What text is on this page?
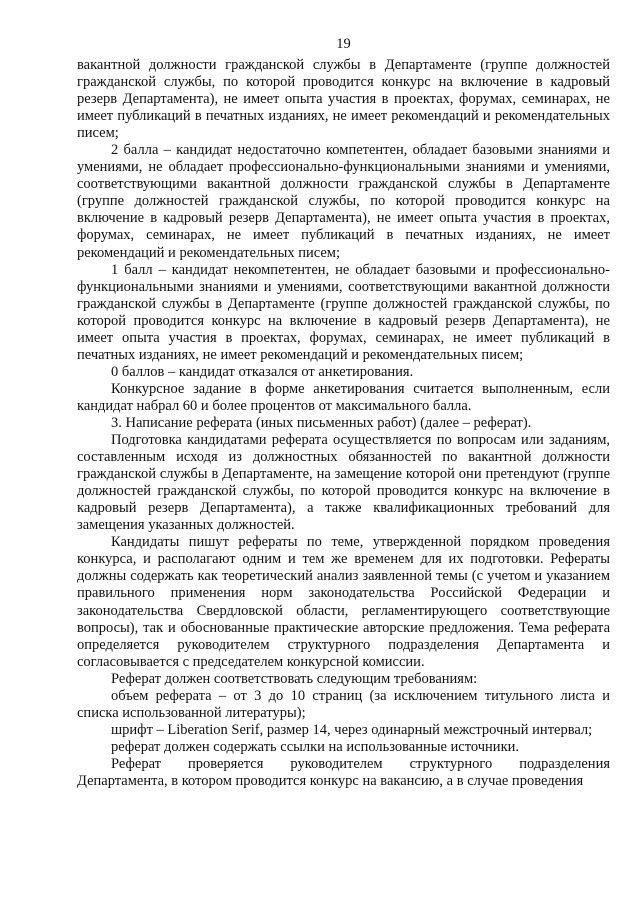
19

вакантной должности гражданской службы в Департаменте (группе должностей гражданской службы, по которой проводится конкурс на включение в кадровый резерв Департамента), не имеет опыта участия в проектах, форумах, семинарах, не имеет публикаций в печатных изданиях, не имеет рекомендаций и рекомендательных писем;

2 балла – кандидат недостаточно компетентен, обладает базовыми знаниями и умениями, не обладает профессионально-функциональными знаниями и умениями, соответствующими вакантной должности гражданской службы в Департаменте (группе должностей гражданской службы, по которой проводится конкурс на включение в кадровый резерв Департамента), не имеет опыта участия в проектах, форумах, семинарах, не имеет публикаций в печатных изданиях, не имеет рекомендаций и рекомендательных писем;

1 балл – кандидат некомпетентен, не обладает базовыми и профессионально-функциональными знаниями и умениями, соответствующими вакантной должности гражданской службы в Департаменте (группе должностей гражданской службы, по которой проводится конкурс на включение в кадровый резерв Департамента), не имеет опыта участия в проектах, форумах, семинарах, не имеет публикаций в печатных изданиях, не имеет рекомендаций и рекомендательных писем;

0 баллов – кандидат отказался от анкетирования.

Конкурсное задание в форме анкетирования считается выполненным, если кандидат набрал 60 и более процентов от максимального балла.

3. Написание реферата (иных письменных работ) (далее – реферат).

Подготовка кандидатами реферата осуществляется по вопросам или заданиям, составленным исходя из должностных обязанностей по вакантной должности гражданской службы в Департаменте, на замещение которой они претендуют (группе должностей гражданской службы, по которой проводится конкурс на включение в кадровый резерв Департамента), а также квалификационных требований для замещения указанных должностей.

Кандидаты пишут рефераты по теме, утвержденной порядком проведения конкурса, и располагают одним и тем же временем для их подготовки. Рефераты должны содержать как теоретический анализ заявленной темы (с учетом и указанием правильного применения норм законодательства Российской Федерации и законодательства Свердловской области, регламентирующего соответствующие вопросы), так и обоснованные практические авторские предложения. Тема реферата определяется руководителем структурного подразделения Департамента и согласовывается с председателем конкурсной комиссии.

Реферат должен соответствовать следующим требованиям:

объем реферата – от 3 до 10 страниц (за исключением титульного листа и списка использованной литературы);

шрифт – Liberation Serif, размер 14, через одинарный межстрочный интервал;

реферат должен содержать ссылки на использованные источники.

Реферат проверяется руководителем структурного подразделения Департамента, в котором проводится конкурс на вакансию, а в случае проведения
